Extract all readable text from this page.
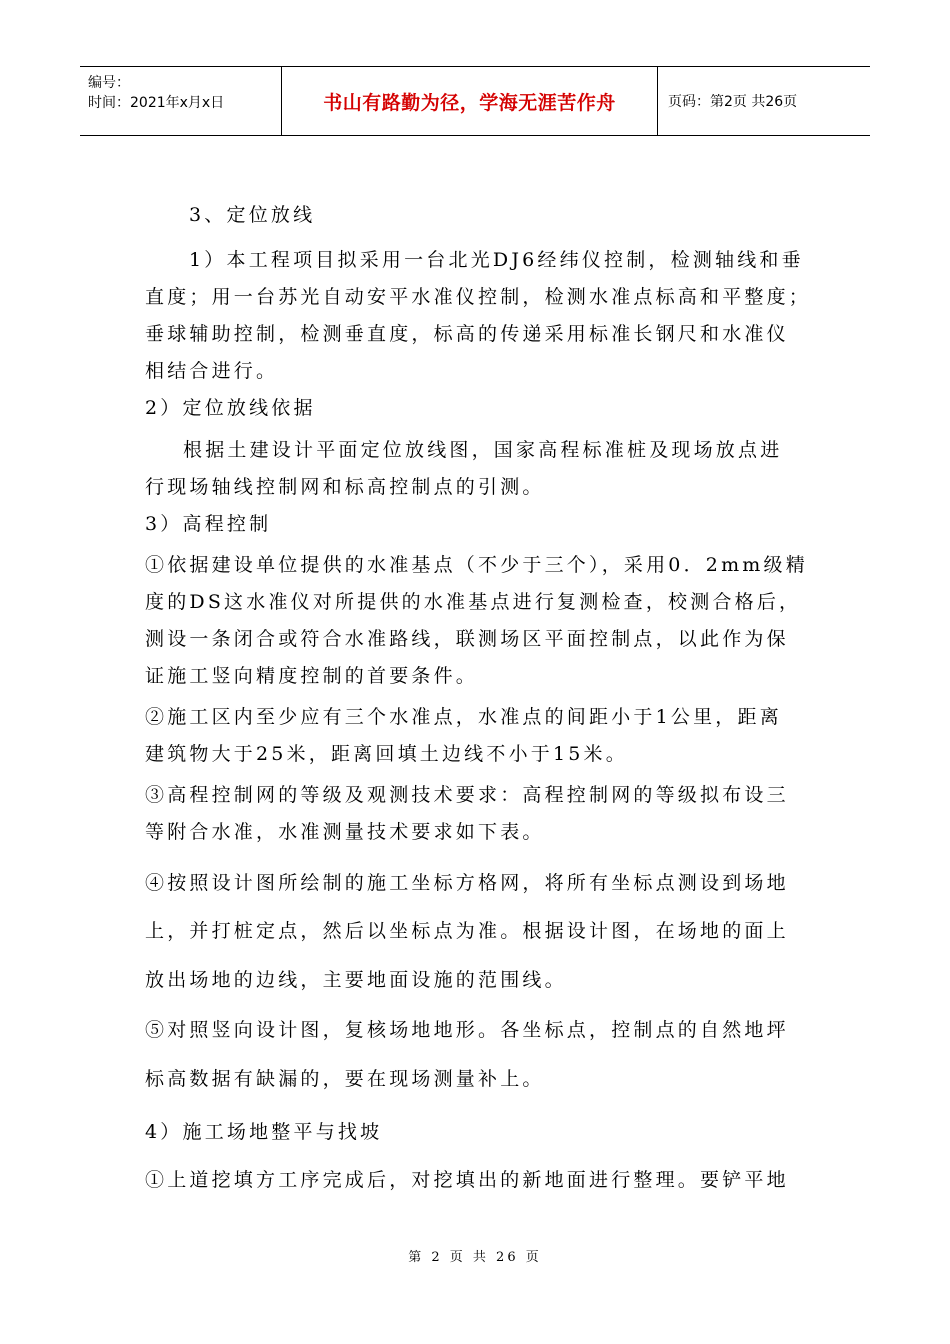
编号：
时间：2021年x月x日	书山有路勤为径，学海无涯苦作舟	页码：第2页 共26页
3、定位放线
1）本工程项目拟采用一台北光DJ6经纬仪控制，检测轴线和垂
直度；用一台苏光自动安平水准仪控制，检测水准点标高和平整度；
垂球辅助控制，检测垂直度，标高的传递采用标准长钢尺和水准仪
相结合进行。
2）定位放线依据
根据土建设计平面定位放线图，国家高程标准桩及现场放点进
行现场轴线控制网和标高控制点的引测。
3）高程控制
①依据建设单位提供的水准基点（不少于三个），采用0．2mm级精
度的DS这水准仪对所提供的水准基点进行复测检查，校测合格后，
测设一条闭合或符合水准路线，联测场区平面控制点，以此作为保
证施工竖向精度控制的首要条件。
②施工区内至少应有三个水准点，水准点的间距小于1公里，距离
建筑物大于25米，距离回填土边线不小于15米。
③高程控制网的等级及观测技术要求：高程控制网的等级拟布设三
等附合水准，水准测量技术要求如下表。
④按照设计图所绘制的施工坐标方格网，将所有坐标点测设到场地
上，并打桩定点，然后以坐标点为准。根据设计图，在场地的面上
放出场地的边线，主要地面设施的范围线。
⑤对照竖向设计图，复核场地地形。各坐标点，控制点的自然地坪
标高数据有缺漏的，要在现场测量补上。
4）施工场地整平与找坡
①上道挖填方工序完成后，对挖填出的新地面进行整理。要铲平地
第 2 页 共 26 页
